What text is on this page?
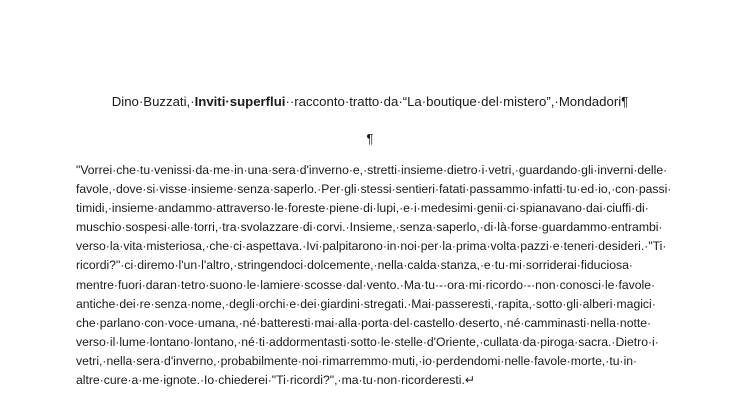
Dino·Buzzati,·Inviti·superflui··racconto·tratto·da·“La·boutique·del·mistero”,·Mondadori¶
¶
"Vorrei·che·tu·venissi·da·me·in·una·sera·d'inverno·e,·stretti·insieme·dietro·i·vetri,·guardando·gli·inverni·delle·
favole,·dove·si·visse·insieme·senza·saperlo.·Per·gli·stessi·sentieri·fatati·passammo·infatti·tu·ed·io,·con·passi·
timidi,·insieme·andammo·attraverso·le·foreste·piene·di·lupi,·e·i·medesimi·genii·ci·spianavano·dai·ciuffi·di·
muschio·sospesi·alle·torri,·tra·svolazzare·di·corvi.·Insieme,·senza·saperlo,·di·là·forse·guardammo·entrambi·
verso·la·vita·misteriosa,·che·ci·aspettava.·Ivi·palpitarono·in·noi·per·la·prima·volta·pazzi·e·teneri·desideri.·"Ti·
ricordi?"·ci·diremo·l'un·l'altro,·stringendoci·dolcemente,·nella·calda·stanza,·e·tu·mi·sorriderai·fiduciosa·
mentre·fuori·daran·tetro·suono·le·lamiere·scosse·dal·vento.·Ma·tu·-·ora·mi·ricordo·-·non·conosci·le·favole·
antiche·dei·re·senza·nome,·degli·orchi·e·dei·giardini·stregati.·Mai·passeresti,·rapita,·sotto·gli·alberi·magici·
che·parlano·con·voce·umana,·né·batteresti·mai·alla·porta·del·castello·deserto,·né·camminasti·nella·notte·
verso·il·lume·lontano·lontano,·né·ti·addormentasti·sotto·le·stelle·d'Oriente,·cullata·da·piroga·sacra.·Dietro·i·
vetri,·nella·sera·d'inverno,·probabilmente·noi·rimarremmo·muti,·io·perdendomi·nelle·favole·morte,·tu·in·
altre·cure·a·me·ignote.·Io·chiederei·"Ti·ricordi?",·ma·tu·non·ricorderesti.↵
